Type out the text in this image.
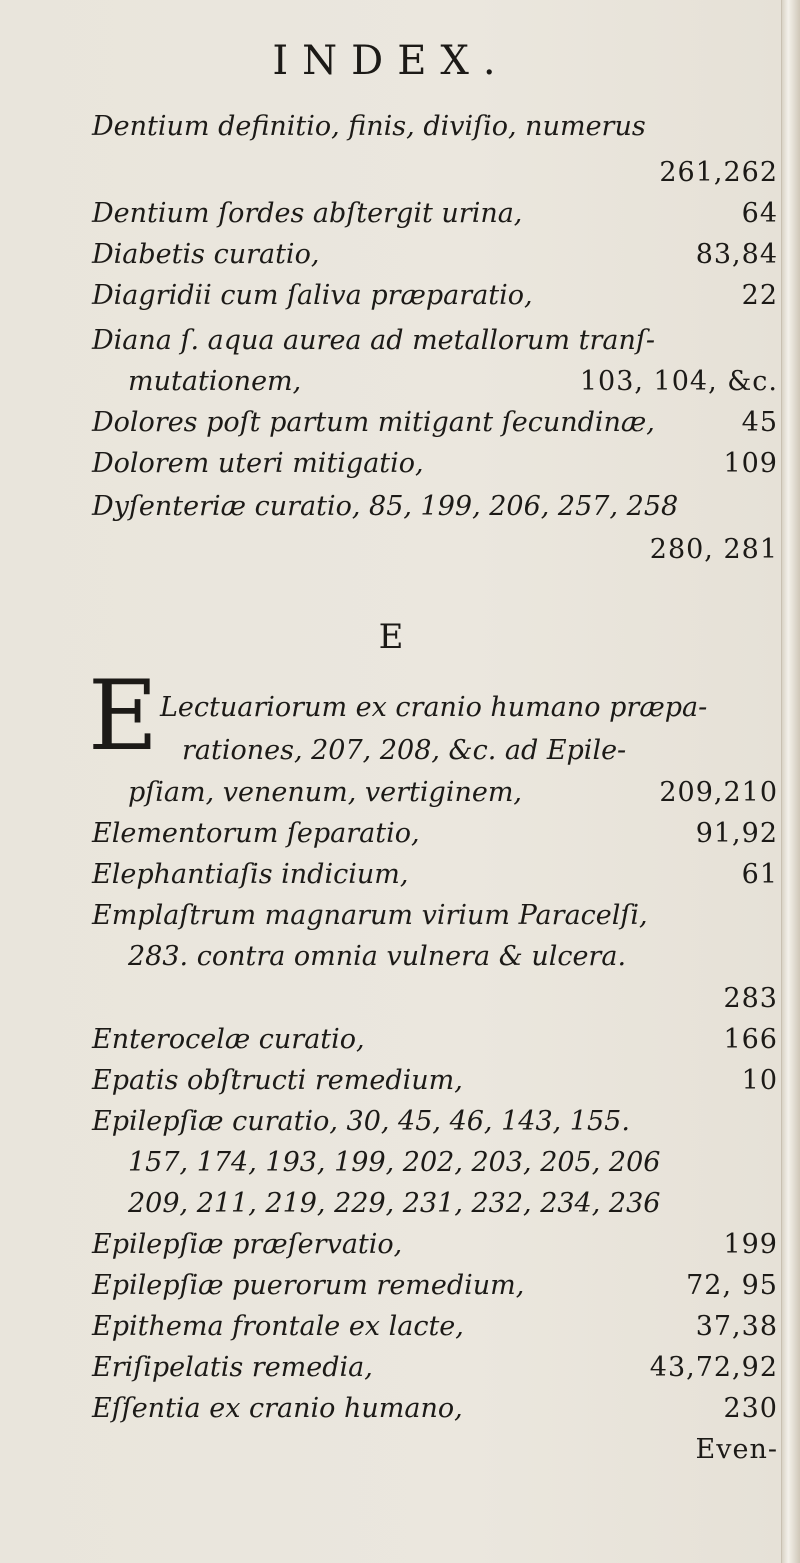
INDEX.
Dentium definitio, finis, diviſio, numerus
261,262
Dentium ſordes abſtergit urina,	64
Diabetis curatio,	83,84
Diagridii cum ſaliva præparatio,	22
Diana ſ. aqua aurea ad metallorum tranſ-
mutationem,	103, 104, &c.
Dolores poſt partum mitigant ſecundinæ,	45
Dolorem uteri mitigatio,	109
Dyſenteriæ curatio, 85, 199, 206, 257, 258
280, 281
E
E Lectuariorum ex cranio humano præpa-
rationes, 207, 208, &c. ad Epile-
pſiam, venenum, vertiginem,	209,210
Elementorum ſeparatio,	91,92
Elephantiaſis indicium,	61
Emplaſtrum magnarum virium Paracelſi,
283. contra omnia vulnera & ulcera.
283
Enterocelæ curatio,	166
Epatis obſtructi remedium,	10
Epilepſiæ curatio, 30, 45, 46, 143, 155.
157, 174, 193, 199, 202, 203, 205, 206
209, 211, 219, 229, 231, 232, 234, 236
Epilepſiæ præſervatio,	199
Epilepſiæ puerorum remedium,	72, 95
Epithema frontale ex lacte,	37,38
Eriſipelatis remedia,	43,72,92
Eſſentia ex cranio humano,	230
Even-
